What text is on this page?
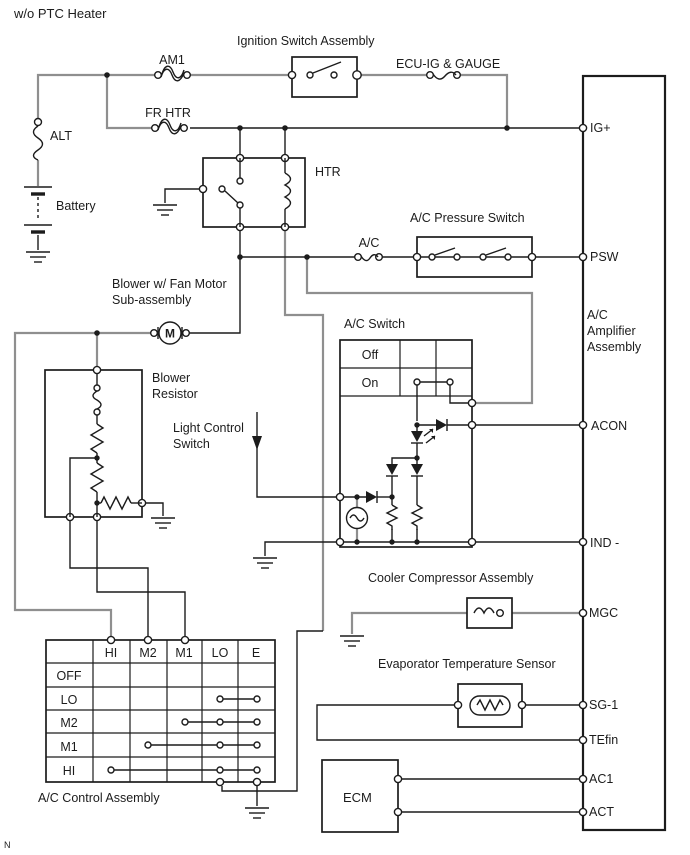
w/o PTC Heater
N
ALT
Battery
AM1
FR HTR
ECU-IG & GAUGE
A/C
Ignition Switch Assembly
HTR
A/C Pressure Switch
Blower w/ Fan Motor
Sub-assembly
M
Blower
Resistor
Light Control
Switch
A/C Switch
Off
On
Cooler Compressor Assembly
Evaporator Temperature Sensor
ECM
HI M2 M1 LO E
OFF
LO
M2
M1
HI
A/C Control Assembly
A/C
Amplifier
Assembly
IG+
PSW
ACON
IND -
MGC
SG-1
TEfin
AC1
ACT
